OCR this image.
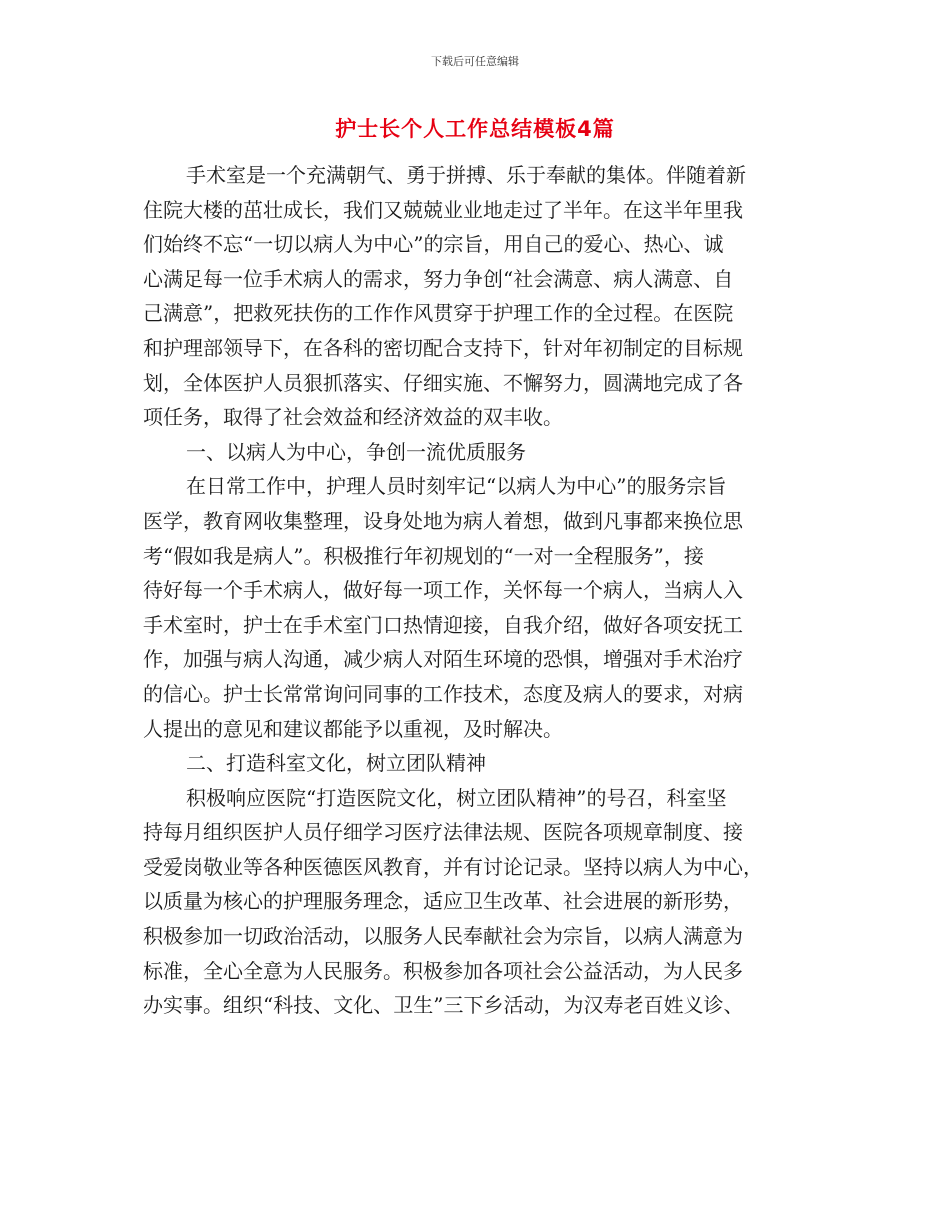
下载后可任意编辑
护士长个人工作总结模板4篇
手术室是一个充满朝气、勇于拼搏、乐于奉献的集体。伴随着新
住院大楼的茁壮成长，我们又兢兢业业地走过了半年。在这半年里我
们始终不忘“一切以病人为中心”的宗旨，用自己的爱心、热心、诚
心满足每一位手术病人的需求，努力争创“社会满意、病人满意、自
己满意”，把救死扶伤的工作作风贯穿于护理工作的全过程。在医院
和护理部领导下，在各科的密切配合支持下，针对年初制定的目标规
划，全体医护人员狠抓落实、仔细实施、不懈努力，圆满地完成了各
项任务，取得了社会效益和经济效益的双丰收。
一、以病人为中心，争创一流优质服务
在日常工作中，护理人员时刻牢记“以病人为中心”的服务宗旨
医学，教育网收集整理，设身处地为病人着想，做到凡事都来换位思
考“假如我是病人”。积极推行年初规划的“一对一全程服务”，接
待好每一个手术病人，做好每一项工作，关怀每一个病人，当病人入
手术室时，护士在手术室门口热情迎接，自我介绍，做好各项安抚工
作，加强与病人沟通，减少病人对陌生环境的恐惧，增强对手术治疗
的信心。护士长常常询问同事的工作技术，态度及病人的要求，对病
人提出的意见和建议都能予以重视，及时解决。
二、打造科室文化，树立团队精神
积极响应医院“打造医院文化，树立团队精神”的号召，科室坚
持每月组织医护人员仔细学习医疗法律法规、医院各项规章制度、接
受爱岗敬业等各种医德医风教育，并有讨论记录。坚持以病人为中心，
以质量为核心的护理服务理念，适应卫生改革、社会进展的新形势，
积极参加一切政治活动，以服务人民奉献社会为宗旨，以病人满意为
标准，全心全意为人民服务。积极参加各项社会公益活动，为人民多
办实事。组织“科技、文化、卫生”三下乡活动，为汉寿老百姓义诊、
